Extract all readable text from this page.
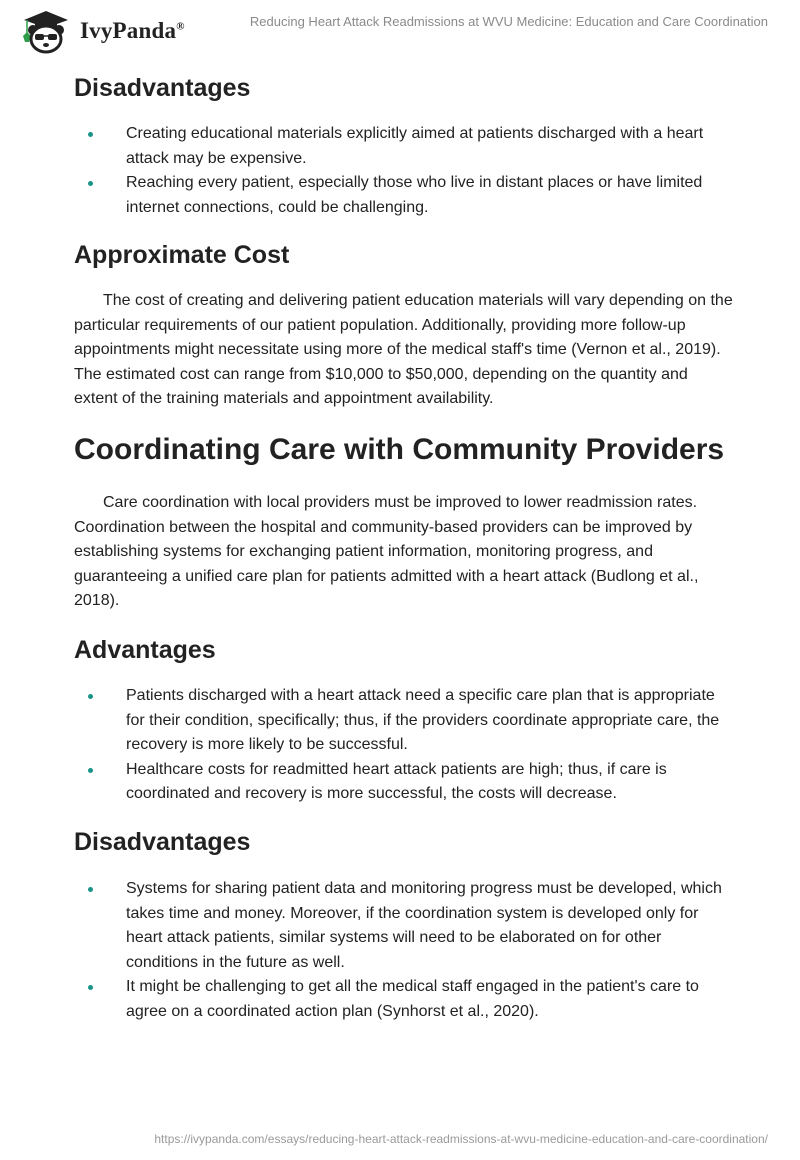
IvyPanda®	Reducing Heart Attack Readmissions at WVU Medicine: Education and Care Coordination
Disadvantages
Creating educational materials explicitly aimed at patients discharged with a heart attack may be expensive.
Reaching every patient, especially those who live in distant places or have limited internet connections, could be challenging.
Approximate Cost

The cost of creating and delivering patient education materials will vary depending on the particular requirements of our patient population. Additionally, providing more follow-up appointments might necessitate using more of the medical staff's time (Vernon et al., 2019). The estimated cost can range from $10,000 to $50,000, depending on the quantity and extent of the training materials and appointment availability.

Coordinating Care with Community Providers

Care coordination with local providers must be improved to lower readmission rates. Coordination between the hospital and community-based providers can be improved by establishing systems for exchanging patient information, monitoring progress, and guaranteeing a unified care plan for patients admitted with a heart attack (Budlong et al., 2018).

Advantages
Patients discharged with a heart attack need a specific care plan that is appropriate for their condition, specifically; thus, if the providers coordinate appropriate care, the recovery is more likely to be successful.
Healthcare costs for readmitted heart attack patients are high; thus, if care is coordinated and recovery is more successful, the costs will decrease.
Disadvantages
Systems for sharing patient data and monitoring progress must be developed, which takes time and money. Moreover, if the coordination system is developed only for heart attack patients, similar systems will need to be elaborated on for other conditions in the future as well.
It might be challenging to get all the medical staff engaged in the patient's care to agree on a coordinated action plan (Synhorst et al., 2020).
https://ivypanda.com/essays/reducing-heart-attack-readmissions-at-wvu-medicine-education-and-care-coordination/
